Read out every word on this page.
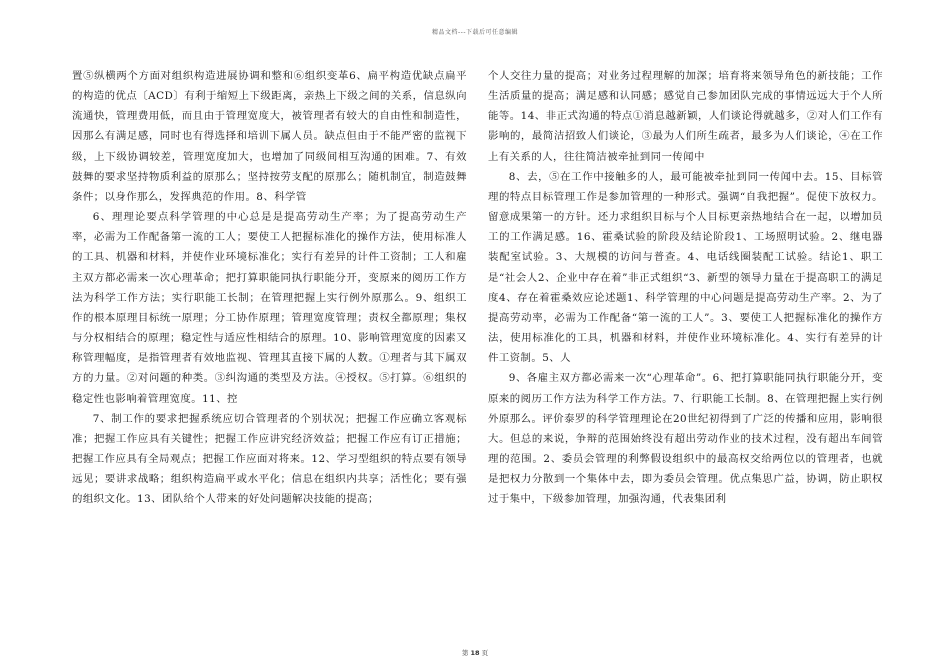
精品文档---下载后可任意编辑

置⑤纵横两个方面对组织构造进展协调和整和⑥组织变革6、扁平构造优缺点扁平的构造的优点〔ACD〕有利于缩短上下级距离，亲热上下级之间的关系，信息纵向流通快，管理费用低，而且由于管理宽度大，被管理者有较大的自由性和制造性，因那么有满足感，同时也有得选择和培训下属人员。缺点但由于不能严密的监视下级，上下级协调较差，管理宽度加大，也增加了同级间相互沟通的困难。7、有效鼓舞的要求坚持物质利益的原那么；坚持按劳支配的原那么；随机制宜，制造鼓舞条件；以身作那么，发挥典范的作用。8、科学管

6、理理论要点科学管理的中心总是是提高劳动生产率；为了提高劳动生产率，必需为工作配备第一流的工人；要使工人把握标准化的操作方法，使用标准人的工具、机器和材料，并使作业环境标准化；实行有差异的计件工资制；工人和雇主双方都必需来一次心理革命；把打算职能同执行职能分开，变原来的阅历工作方法为科学工作方法；实行职能工长制；在管理把握上实行例外原那么。9、组织工作的根本原理目标统一原理；分工协作原理；管理宽度管理；责权全都原理；集权与分权相结合的原理；稳定性与适应性相结合的原理。10、影响管理宽度的因素又称管理幅度，是指管理者有效地监视、管理其直接下属的人数。①理者与其下属双方的力量。②对问题的种类。③纠沟通的类型及方法。④授权。⑤打算。⑥组织的稳定性也影响着管理宽度。11、控

7、制工作的要求把握系统应切合管理者的个别状况；把握工作应确立客观标准；把握工作应具有关键性；把握工作应讲究经济效益；把握工作应有订正措施；把握工作应具有全局观点；把握工作应面对将来。12、学习型组织的特点要有领导远见；要讲求战略；组织构造扁平或水平化；信息在组织内共享；活性化；要有强的组织文化。13、团队给个人带来的好处问题解决技能的提高；

个人交往力量的提高；对业务过程理解的加深；培育将来领导角色的新技能；工作生活质量的提高；满足感和认同感；感觉自己参加团队完成的事情远远大于个人所能等。14、非正式沟通的特点①消息越新颖，人们谈论得就越多，②对人们工作有影响的，最简洁招致人们谈论，③最为人们所生疏者，最多为人们谈论，④在工作上有关系的人，往往简洁被牵扯到同一传闻中

8、去，⑤在工作中接触多的人，最可能被牵扯到同一传闻中去。15、目标管理的特点目标管理工作是参加管理的一种形式。强调“自我把握”。促使下放权力。留意成果第一的方针。还力求组织目标与个人目标更亲热地结合在一起，以增加员工的工作满足感。16、霍桑试验的阶段及结论阶段1、工场照明试验。2、继电器装配室试验。3、大规模的访问与普查。4、电话线圈装配工试验。结论1、职工是“社会人2、企业中存在着”非正式组织“3、新型的领导力量在于提高职工的满足度4、存在着霍桑效应论述题1、科学管理的中心问题是提高劳动生产率。2、为了提高劳动率，必需为工作配备“第一流的工人”。3、要使工人把握标准化的操作方法，使用标准化的工具，机器和材料，并使作业环境标准化。4、实行有差异的计件工资制。5、人

9、各雇主双方都必需来一次“心理革命”。6、把打算职能同执行职能分开，变原来的阅历工作方法为科学工作方法。7、行职能工长制。8、在管理把握上实行例外原那么。评价泰罗的科学管理理论在20世纪初得到了广泛的传播和应用，影响很大。但总的来说，争辩的范围始终没有超出劳动作业的技术过程，没有超出车间管理的范围。2、委员会管理的利弊假设组织中的最高权交给两位以的管理者，也就是把权力分散到一个集体中去，即为委员会管理。优点集思广益，协调，防止职权过于集中，下级参加管理，加强沟通，代表集团利

第 18 页
